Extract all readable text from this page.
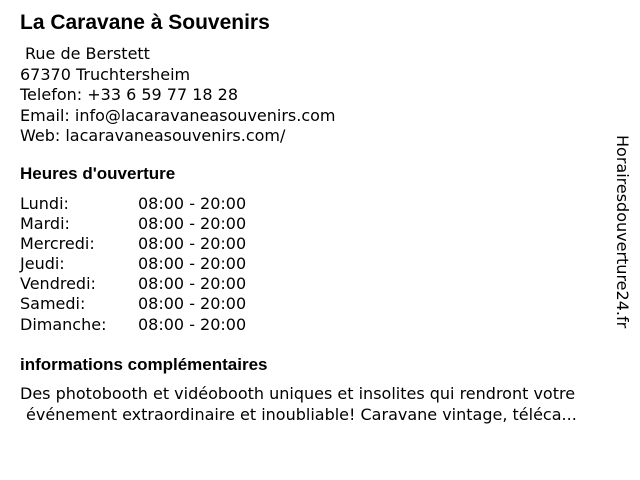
La Caravane à Souvenirs
Rue de Berstett
67370 Truchtersheim
Telefon: +33 6 59 77 18 28
Email: info@lacaravaneasouvenirs.com
Web: lacaravaneasouvenirs.com/
Heures d'ouverture
Lundi:	08:00 - 20:00
Mardi:	08:00 - 20:00
Mercredi:	08:00 - 20:00
Jeudi:	08:00 - 20:00
Vendredi:	08:00 - 20:00
Samedi:	08:00 - 20:00
Dimanche:	08:00 - 20:00
informations complémentaires
Des photobooth et vidéobooth uniques et insolites qui rendront votre
événement extraordinaire et inoubliable! Caravane vintage, téléca...
Horairesdouverture24.fr
